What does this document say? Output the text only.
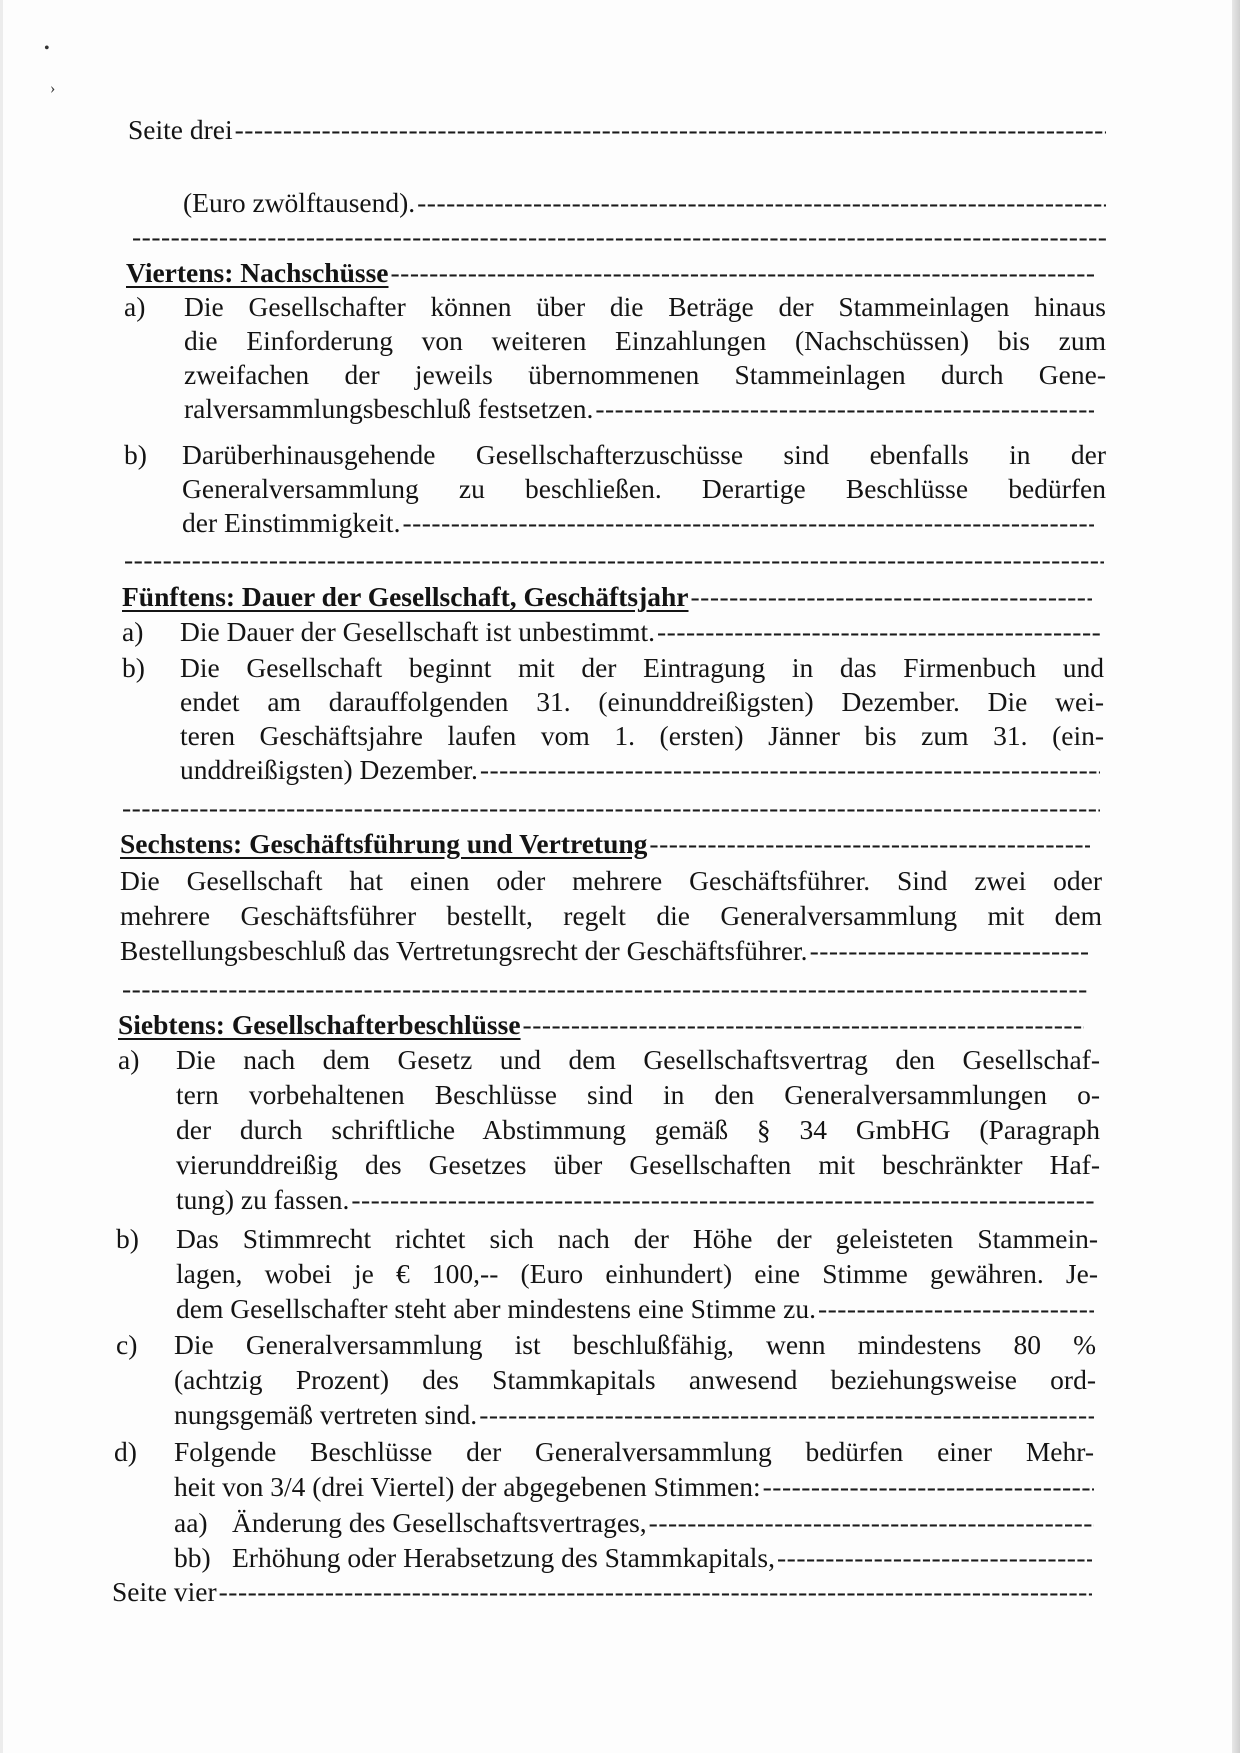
•
›
Seite drei
-----
(Euro zwölftausend).
-----
-----
Viertens: Nachschüsse
-----
a) Die Gesellschafter können über die Beträge der Stammeinlagen hinaus
die Einforderung von weiteren Einzahlungen (Nachschüssen) bis zum
zweifachen der jeweils übernommenen Stammeinlagen durch Gene-
ralversammlungsbeschluß festsetzen.
-----
b) Darüberhinausgehende Gesellschafterzuschüsse sind ebenfalls in der
Generalversammlung zu beschließen. Derartige Beschlüsse bedürfen
der Einstimmigkeit.
-----
-----
Fünftens: Dauer der Gesellschaft, Geschäftsjahr
-----
a) Die Dauer der Gesellschaft ist unbestimmt.
-----
b) Die Gesellschaft beginnt mit der Eintragung in das Firmenbuch und
endet am darauffolgenden 31. (einunddreißigsten) Dezember. Die wei-
teren Geschäftsjahre laufen vom 1. (ersten) Jänner bis zum 31. (ein-
unddreißigsten) Dezember.
-----
-----
Sechstens: Geschäftsführung und Vertretung
-----
Die Gesellschaft hat einen oder mehrere Geschäftsführer. Sind zwei oder
mehrere Geschäftsführer bestellt, regelt die Generalversammlung mit dem
Bestellungsbeschluß das Vertretungsrecht der Geschäftsführer.
-----
-----
Siebtens: Gesellschafterbeschlüsse
-----
a) Die nach dem Gesetz und dem Gesellschaftsvertrag den Gesellschaf-
tern vorbehaltenen Beschlüsse sind in den Generalversammlungen o-
der durch schriftliche Abstimmung gemäß § 34 GmbHG (Paragraph
vierunddreißig des Gesetzes über Gesellschaften mit beschränkter Haf-
tung) zu fassen.
-----
b) Das Stimmrecht richtet sich nach der Höhe der geleisteten Stammein-
lagen, wobei je € 100,-- (Euro einhundert) eine Stimme gewähren. Je-
dem Gesellschafter steht aber mindestens eine Stimme zu.
-----
c) Die Generalversammlung ist beschlußfähig, wenn mindestens 80 %
(achtzig Prozent) des Stammkapitals anwesend beziehungsweise ord-
nungsgemäß vertreten sind.
-----
d) Folgende Beschlüsse der Generalversammlung bedürfen einer Mehr-
heit von 3/4 (drei Viertel) der abgegebenen Stimmen:
-----
aa) Änderung des Gesellschaftsvertrages,
-----
bb) Erhöhung oder Herabsetzung des Stammkapitals,
-----
Seite vier
-----
